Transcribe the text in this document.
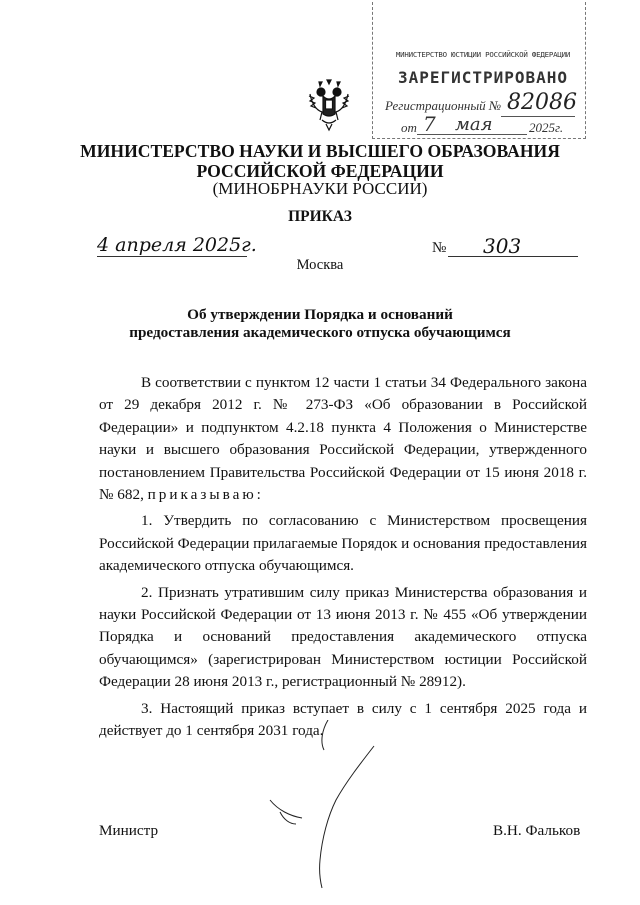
МИНИСТЕРСТВО ЮСТИЦИИ РОССИЙСКОЙ ФЕДЕРАЦИИ
ЗАРЕГИСТРИРОВАНО
Регистрационный № 82086
от 7 мая	2025г.
МИНИСТЕРСТВО НАУКИ И ВЫСШЕГО ОБРАЗОВАНИЯ
РОССИЙСКОЙ ФЕДЕРАЦИИ
(МИНОБРНАУКИ РОССИИ)
ПРИКАЗ
4 апреля 2025г.	№ 303
Москва
Об утверждении Порядка и оснований
предоставления академического отпуска обучающимся

В соответствии с пунктом 12 части 1 статьи 34 Федерального закона от 29 декабря 2012 г. № 273-ФЗ «Об образовании в Российской Федерации» и подпунктом 4.2.18 пункта 4 Положения о Министерстве науки и высшего образования Российской Федерации, утвержденного постановлением Правительства Российской Федерации от 15 июня 2018 г. № 682, приказываю:

1. Утвердить по согласованию с Министерством просвещения Российской Федерации прилагаемые Порядок и основания предоставления академического отпуска обучающимся.

2. Признать утратившим силу приказ Министерства образования и науки Российской Федерации от 13 июня 2013 г. № 455 «Об утверждении Порядка и оснований предоставления академического отпуска обучающимся» (зарегистрирован Министерством юстиции Российской Федерации 28 июня 2013 г., регистрационный № 28912).

3. Настоящий приказ вступает в силу с 1 сентября 2025 года и действует до 1 сентября 2031 года.

Министр	В.Н. Фальков
